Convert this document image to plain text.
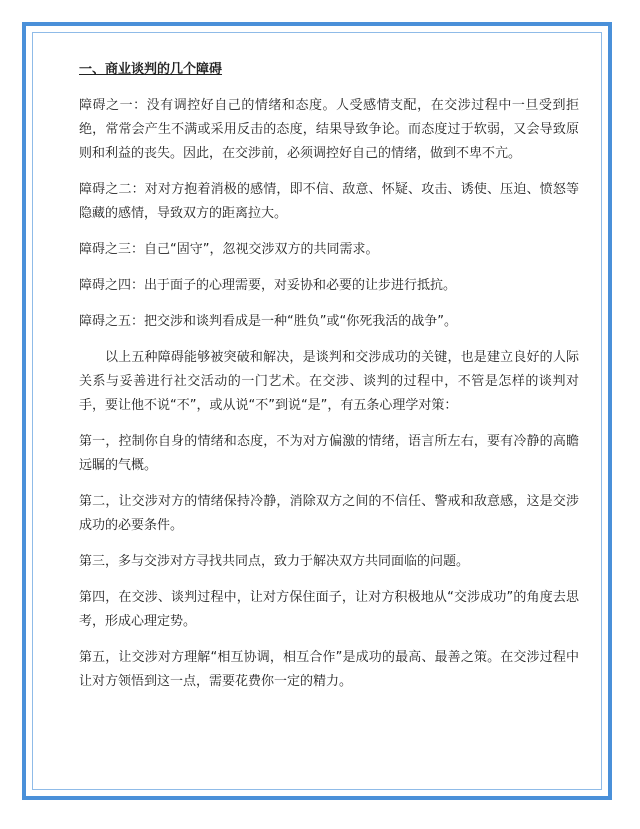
一、商业谈判的几个障碍

障碍之一：没有调控好自己的情绪和态度。人受感情支配，在交涉过程中一旦受到拒绝，常常会产生不满或采用反击的态度，结果导致争论。而态度过于软弱，又会导致原则和利益的丧失。因此，在交涉前，必须调控好自己的情绪，做到不卑不亢。

障碍之二：对对方抱着消极的感情，即不信、敌意、怀疑、攻击、诱使、压迫、愤怒等隐藏的感情，导致双方的距离拉大。

障碍之三：自己“固守”，忽视交涉双方的共同需求。

障碍之四：出于面子的心理需要，对妥协和必要的让步进行抵抗。

障碍之五：把交涉和谈判看成是一种“胜负”或“你死我活的战争”。

以上五种障碍能够被突破和解决，是谈判和交涉成功的关键，也是建立良好的人际关系与妥善进行社交活动的一门艺术。在交涉、谈判的过程中，不管是怎样的谈判对手，要让他不说“不”，或从说“不”到说“是”，有五条心理学对策：

第一，控制你自身的情绪和态度，不为对方偏激的情绪，语言所左右，要有冷静的高瞻远瞩的气概。

第二，让交涉对方的情绪保持冷静，消除双方之间的不信任、警戒和敌意感，这是交涉成功的必要条件。

第三，多与交涉对方寻找共同点，致力于解决双方共同面临的问题。

第四，在交涉、谈判过程中，让对方保住面子，让对方积极地从“交涉成功”的角度去思考，形成心理定势。

第五，让交涉对方理解“相互协调，相互合作”是成功的最高、最善之策。在交涉过程中让对方领悟到这一点，需要花费你一定的精力。
